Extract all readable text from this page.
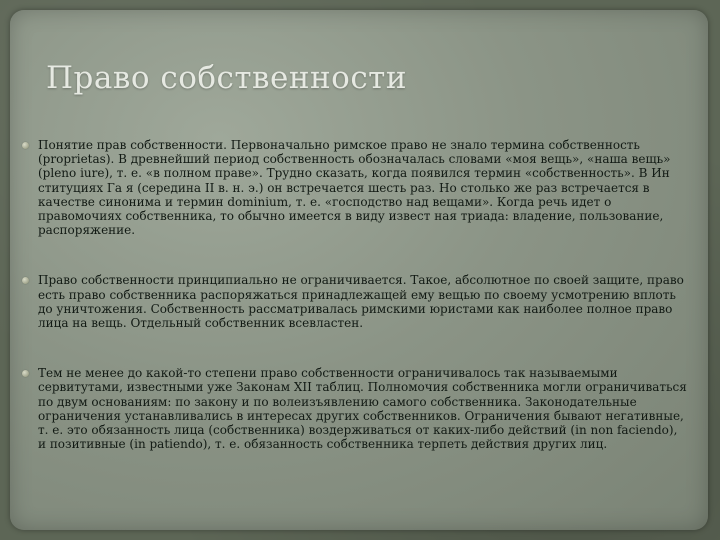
Право собственности
Понятие прав собственности. Первоначально римское право не знало термина собственность (proprietas). В древнейший период собственность обозначалась словами «моя вещь», «наша вещь» (pleno iure), т. е. «в полном праве». Трудно сказать, когда появился термин «собственность». В Ин ституциях Га я (середина II в. н. э.) он встречается шесть раз. Но столько же раз встречается в качестве синонима и термин dominium, т. е. «господство над вещами». Когда речь идет о правомочиях собственника, то обычно имеется в виду извест ная триада: владение, пользование, распоряжение.
Право собственности принципиально не ограничивается. Такое, абсолютное по своей защите, право есть право собственника распоряжаться принадлежащей ему вещью по своему усмотрению вплоть до уничтожения. Собственность рассматривалась римскими юристами как наиболее полное право лица на вещь. Отдельный собственник всевластен.
Тем не менее до какой-то степени право собственности ограничивалось так называемыми сервитутами, известными уже Законам XII таблиц. Полномочия собственника могли ограничиваться по двум основаниям: по закону и по волеизъявлению самого собственника. Законодательные ограничения устанавливались в интересах других собственников. Ограничения бывают негативные, т. е. это обязанность лица (собственника) воздерживаться от каких-либо действий (in non faciendo), и позитивные (in patiendo), т. е. обязанность собственника терпеть действия других лиц.
